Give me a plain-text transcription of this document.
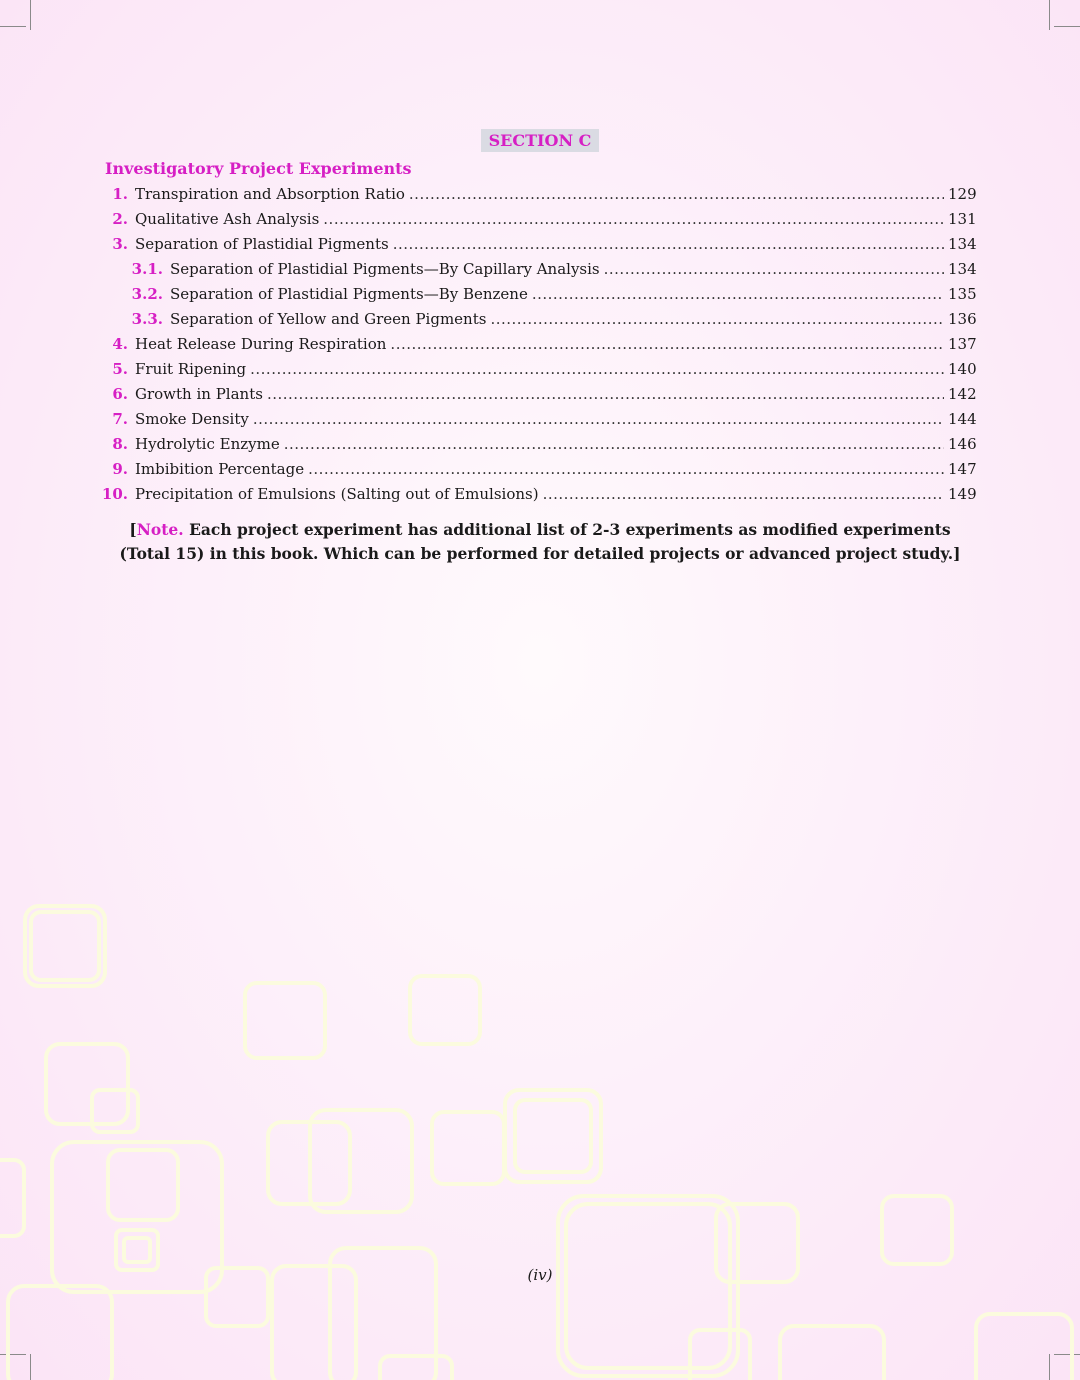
SECTION C
Investigatory Project Experiments
1. Transpiration and Absorption Ratio .....	129
2. Qualitative Ash Analysis .....	131
3. Separation of Plastidial Pigments .....	134
3.1. Separation of Plastidial Pigments—By Capillary Analysis .....	134
3.2. Separation of Plastidial Pigments—By Benzene .....	135
3.3. Separation of Yellow and Green Pigments .....	136
4. Heat Release During Respiration .....	137
5. Fruit Ripening .....	140
6. Growth in Plants .....	142
7. Smoke Density .....	144
8. Hydrolytic Enzyme .....	146
9. Imbibition Percentage .....	147
10. Precipitation of Emulsions (Salting out of Emulsions) .....	149
[Note. Each project experiment has additional list of 2-3 experiments as modified experiments (Total 15) in this book. Which can be performed for detailed projects or advanced project study.]
(iv)
